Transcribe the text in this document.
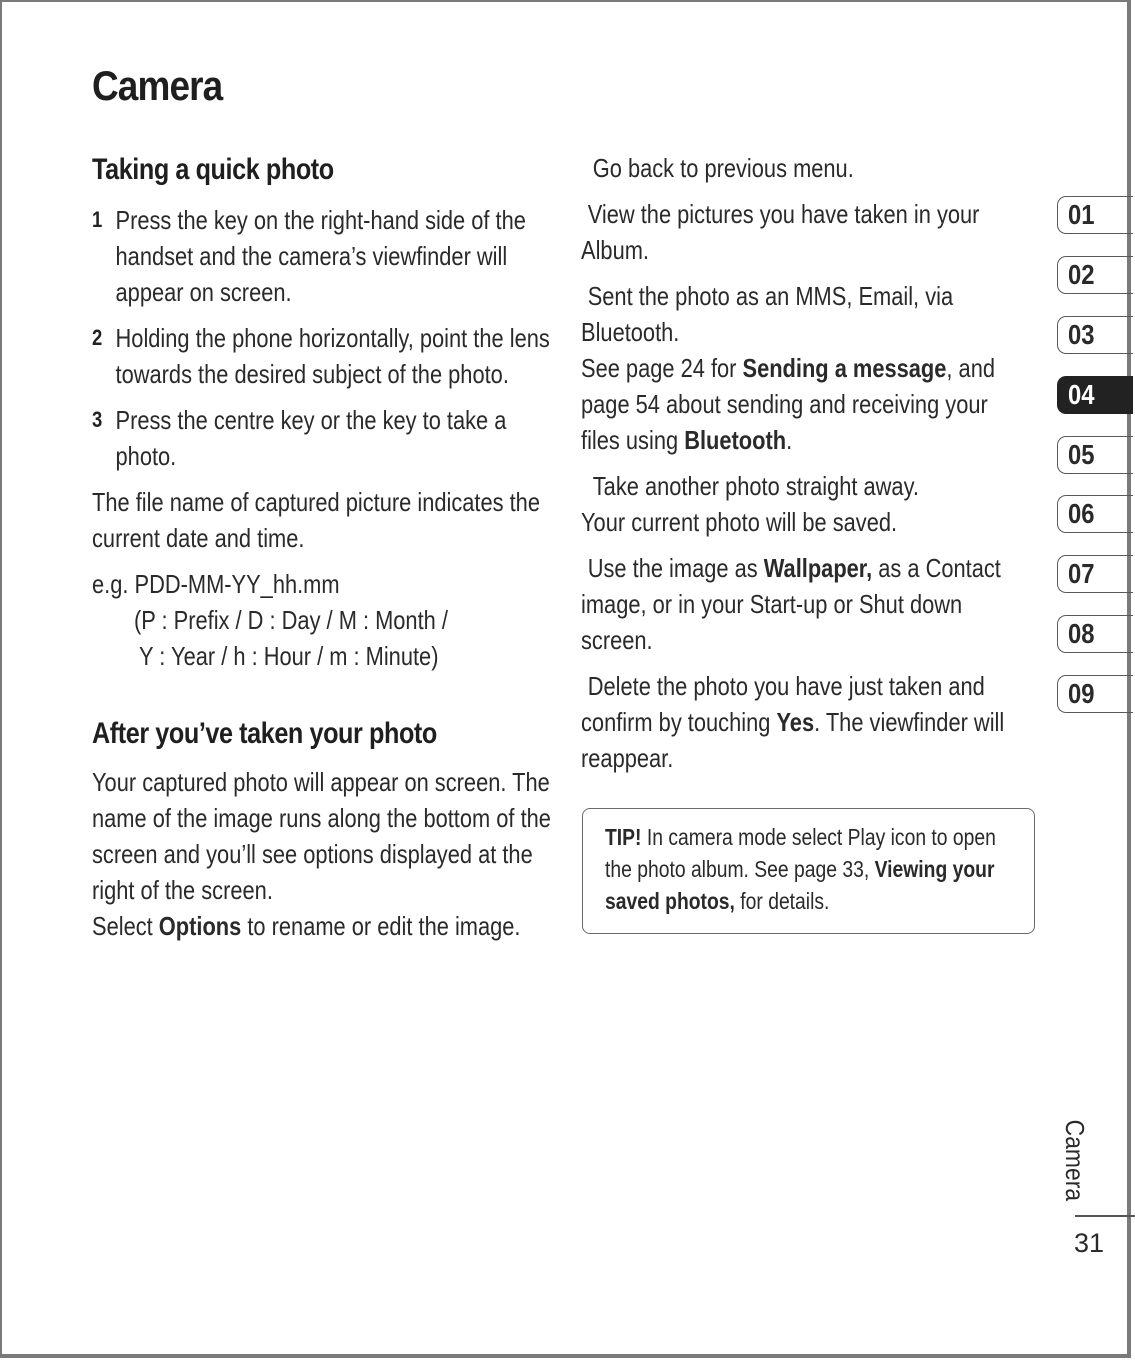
Camera
Taking a quick photo
1 Press the key on the right-hand side of the handset and the camera’s viewfinder will appear on screen.
2 Holding the phone horizontally, point the lens towards the desired subject of the photo.
3 Press the centre key or the key to take a photo.

The file name of captured picture indicates the current date and time.

e.g. PDD-MM-YY_hh.mm

(P : Prefix / D : Day / M : Month /

Y : Year / h : Hour / m : Minute)

After you’ve taken your photo

Your captured photo will appear on screen. The name of the image runs along the bottom of the screen and you’ll see options displayed at the right of the screen.

Select Options to rename or edit the image.

Go back to previous menu.

View the pictures you have taken in your Album.

Sent the photo as an MMS, Email, via Bluetooth.

See page 24 for Sending a message, and page 54 about sending and receiving your files using Bluetooth.

Take another photo straight away.

Your current photo will be saved.

Use the image as Wallpaper, as a Contact image, or in your Start-up or Shut down screen.

Delete the photo you have just taken and confirm by touching Yes. The viewfinder will reappear.

TIP! In camera mode select Play icon to open the photo album. See page 33, Viewing your saved photos, for details.
01
02
03
04
05
06
07
08
09
Camera
31
